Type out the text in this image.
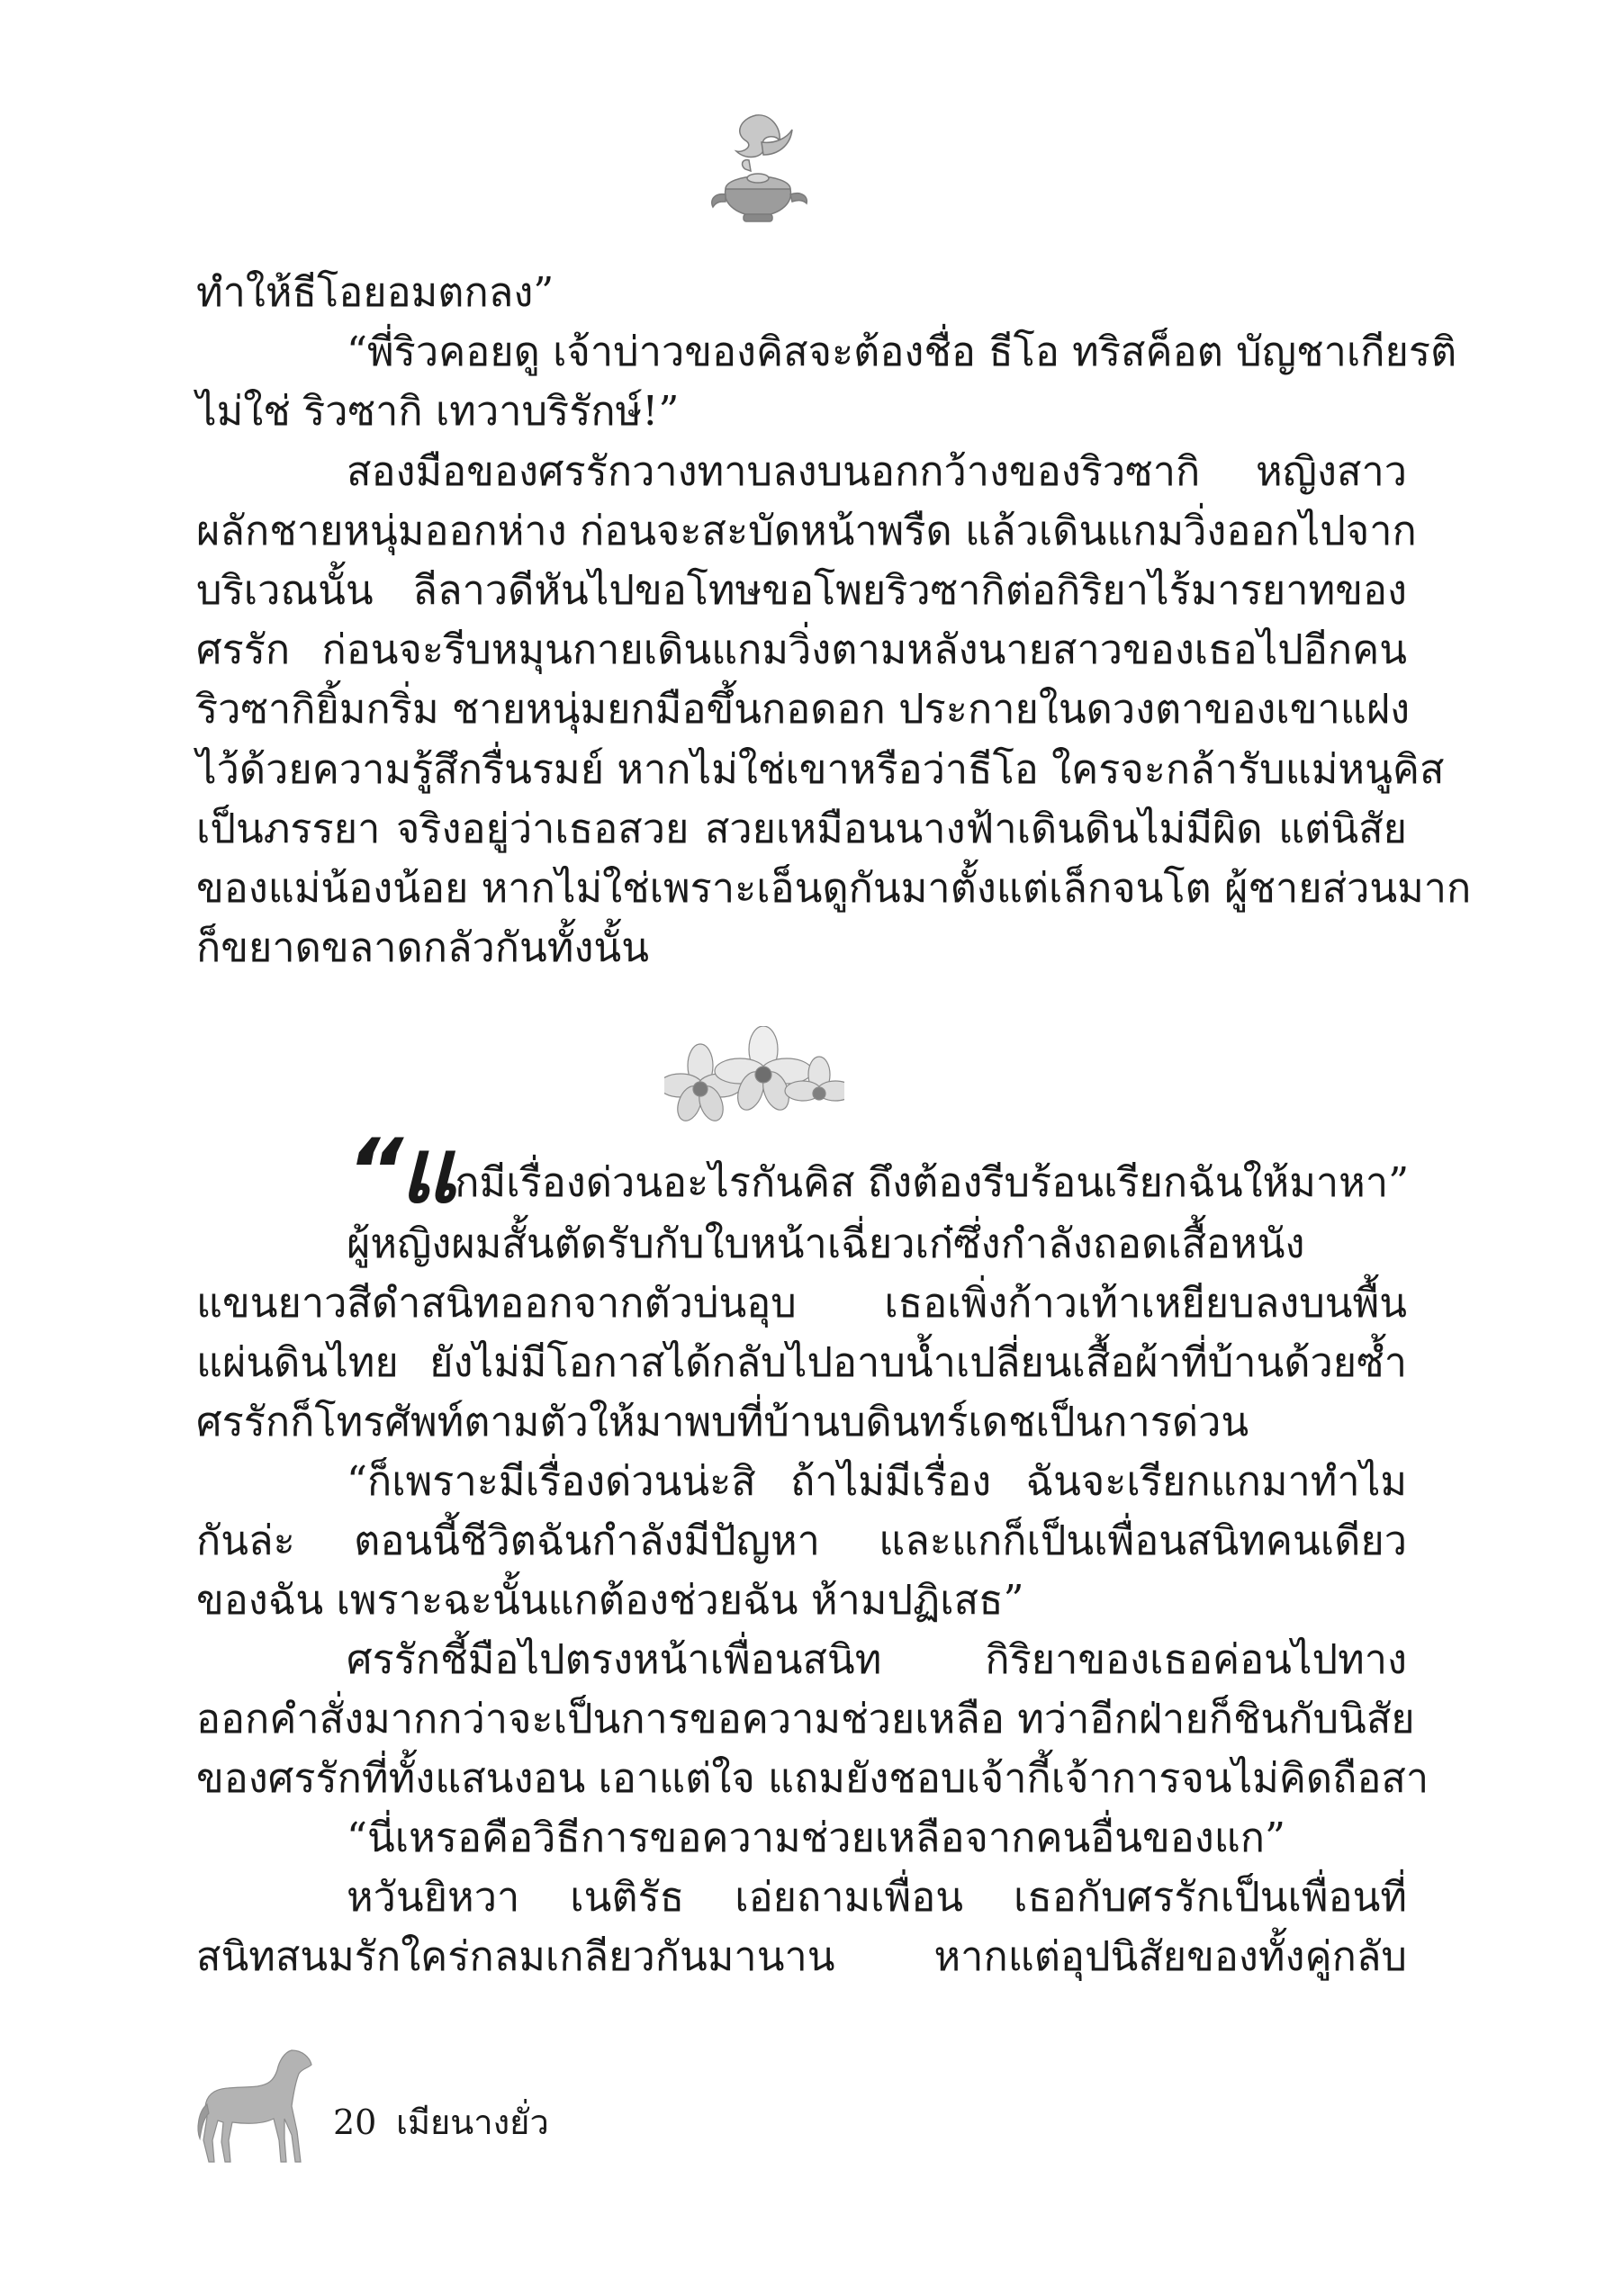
ทำให้ธีโอยอมตกลง”
“พี่ริวคอยดู เจ้าบ่าวของคิสจะต้องชื่อ ธีโอ ทริสค็อต บัญชาเกียรติ
ไม่ใช่ ริวซากิ เทวาบริรักษ์!”
สองมือของศรรักวางทาบลงบนอกกว้างของริวซากิ หญิงสาว
ผลักชายหนุ่มออกห่าง ก่อนจะสะบัดหน้าพรืด แล้วเดินแกมวิ่งออกไปจาก
บริเวณนั้น ลีลาวดีหันไปขอโทษขอโพยริวซากิต่อกิริยาไร้มารยาทของ
ศรรัก ก่อนจะรีบหมุนกายเดินแกมวิ่งตามหลังนายสาวของเธอไปอีกคน
ริวซากิยิ้มกริ่ม ชายหนุ่มยกมือขึ้นกอดอก ประกายในดวงตาของเขาแฝง
ไว้ด้วยความรู้สึกรื่นรมย์ หากไม่ใช่เขาหรือว่าธีโอ ใครจะกล้ารับแม่หนูคิส
เป็นภรรยา จริงอยู่ว่าเธอสวย สวยเหมือนนางฟ้าเดินดินไม่มีผิด แต่นิสัย
ของแม่น้องน้อย หากไม่ใช่เพราะเอ็นดูกันมาตั้งแต่เล็กจนโต ผู้ชายส่วนมาก
ก็ขยาดขลาดกลัวกันทั้งนั้น
“แกมีเรื่องด่วนอะไรกันคิส ถึงต้องรีบร้อนเรียกฉันให้มาหา”
ผู้หญิงผมสั้นตัดรับกับใบหน้าเฉี่ยวเก๋ซึ่งกำลังถอดเสื้อหนัง
แขนยาวสีดำสนิทออกจากตัวบ่นอุบ เธอเพิ่งก้าวเท้าเหยียบลงบนพื้น
แผ่นดินไทย ยังไม่มีโอกาสได้กลับไปอาบน้ำเปลี่ยนเสื้อผ้าที่บ้านด้วยซ้ำ
ศรรักก็โทรศัพท์ตามตัวให้มาพบที่บ้านบดินทร์เดชเป็นการด่วน
“ก็เพราะมีเรื่องด่วนน่ะสิ ถ้าไม่มีเรื่อง ฉันจะเรียกแกมาทำไม
กันล่ะ ตอนนี้ชีวิตฉันกำลังมีปัญหา และแกก็เป็นเพื่อนสนิทคนเดียว
ของฉัน เพราะฉะนั้นแกต้องช่วยฉัน ห้ามปฏิเสธ”
ศรรักชี้มือไปตรงหน้าเพื่อนสนิท กิริยาของเธอค่อนไปทาง
ออกคำสั่งมากกว่าจะเป็นการขอความช่วยเหลือ ทว่าอีกฝ่ายก็ชินกับนิสัย
ของศรรักที่ทั้งแสนงอน เอาแต่ใจ แถมยังชอบเจ้ากี้เจ้าการจนไม่คิดถือสา
“นี่เหรอคือวิธีการขอความช่วยเหลือจากคนอื่นของแก”
หวันยิหวา เนติรัธ เอ่ยถามเพื่อน เธอกับศรรักเป็นเพื่อนที่
สนิทสนมรักใคร่กลมเกลียวกันมานาน หากแต่อุปนิสัยของทั้งคู่กลับ
20 เมียนางยั่ว
